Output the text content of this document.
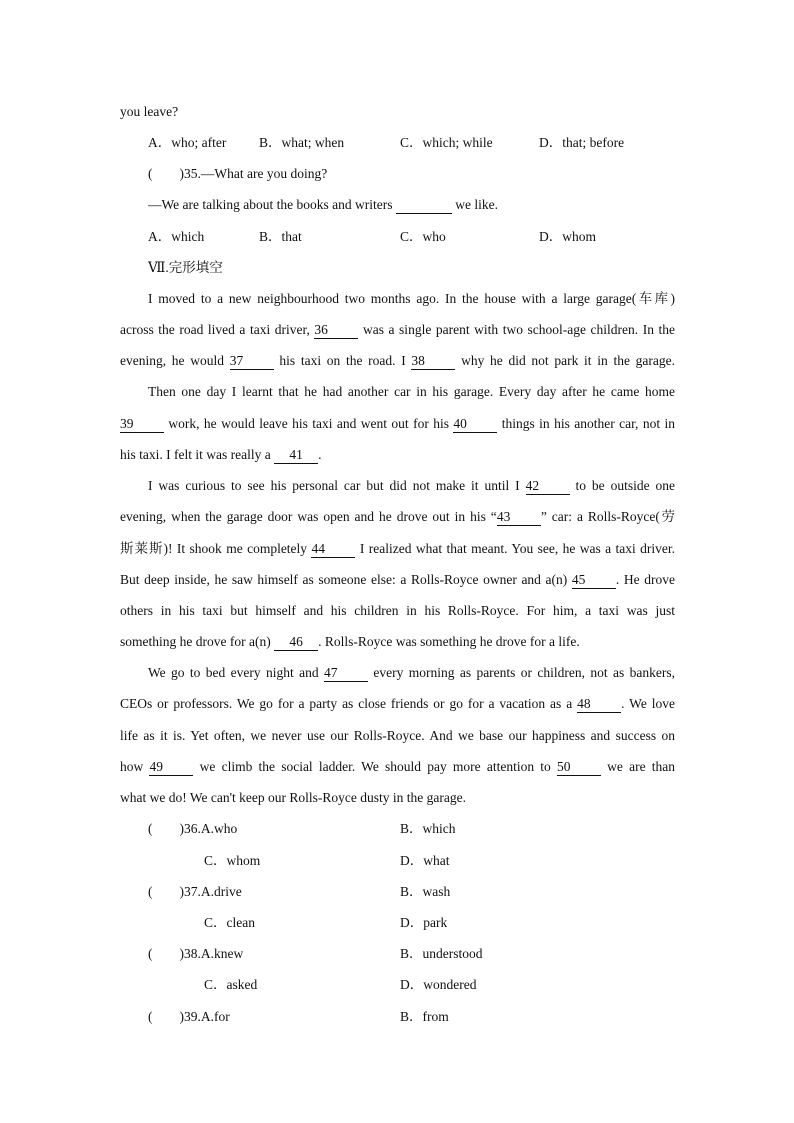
you leave?
A．who; after B．what; when	C．which; while	D．that; before
(        )35.—What are you doing?
—We are talking about the books and writers	we like.
A．which	B．that	C．who	D．whom
Ⅶ.完形填空
I moved to a new neighbourhood two months ago. In the house with a large garage(车库)
across the road lived a taxi driver, 36 was a single parent with two school-age children. In the
evening, he would 37 his taxi on the road. I 38 why he did not park it in the garage.
Then one day I learnt that he had another car in his garage. Every day after he came home
39 work, he would leave his taxi and went out for his 40 things in his another car, not in
his taxi. I felt it was really a 41 .
I was curious to see his personal car but did not make it until I 42 to be outside one
evening, when the garage door was open and he drove out in his “43 ” car: a Rolls-Royce(劳
斯莱斯)! It shook me completely 44 I realized what that meant. You see, he was a taxi driver.
But deep inside, he saw himself as someone else: a Rolls-Royce owner and a(n) 45 . He drove
others in his taxi but himself and his children in his Rolls-Royce. For him, a taxi was just
something he drove for a(n) 46 . Rolls-Royce was something he drove for a life.
We go to bed every night and 47 every morning as parents or children, not as bankers,
CEOs or professors. We go for a party as close friends or go for a vacation as a 48 . We love
life as it is. Yet often, we never use our Rolls-Royce. And we base our happiness and success on
how 49 we climb the social ladder. We should pay more attention to 50 we are than
what we do! We can't keep our Rolls-Royce dusty in the garage.
(        )36.A.who	B．which
C．whom	D．what
(        )37.A.drive	B．wash
C．clean	D．park
(        )38.A.knew	B．understood
C．asked	D．wondered
(        )39.A.for	B．from
